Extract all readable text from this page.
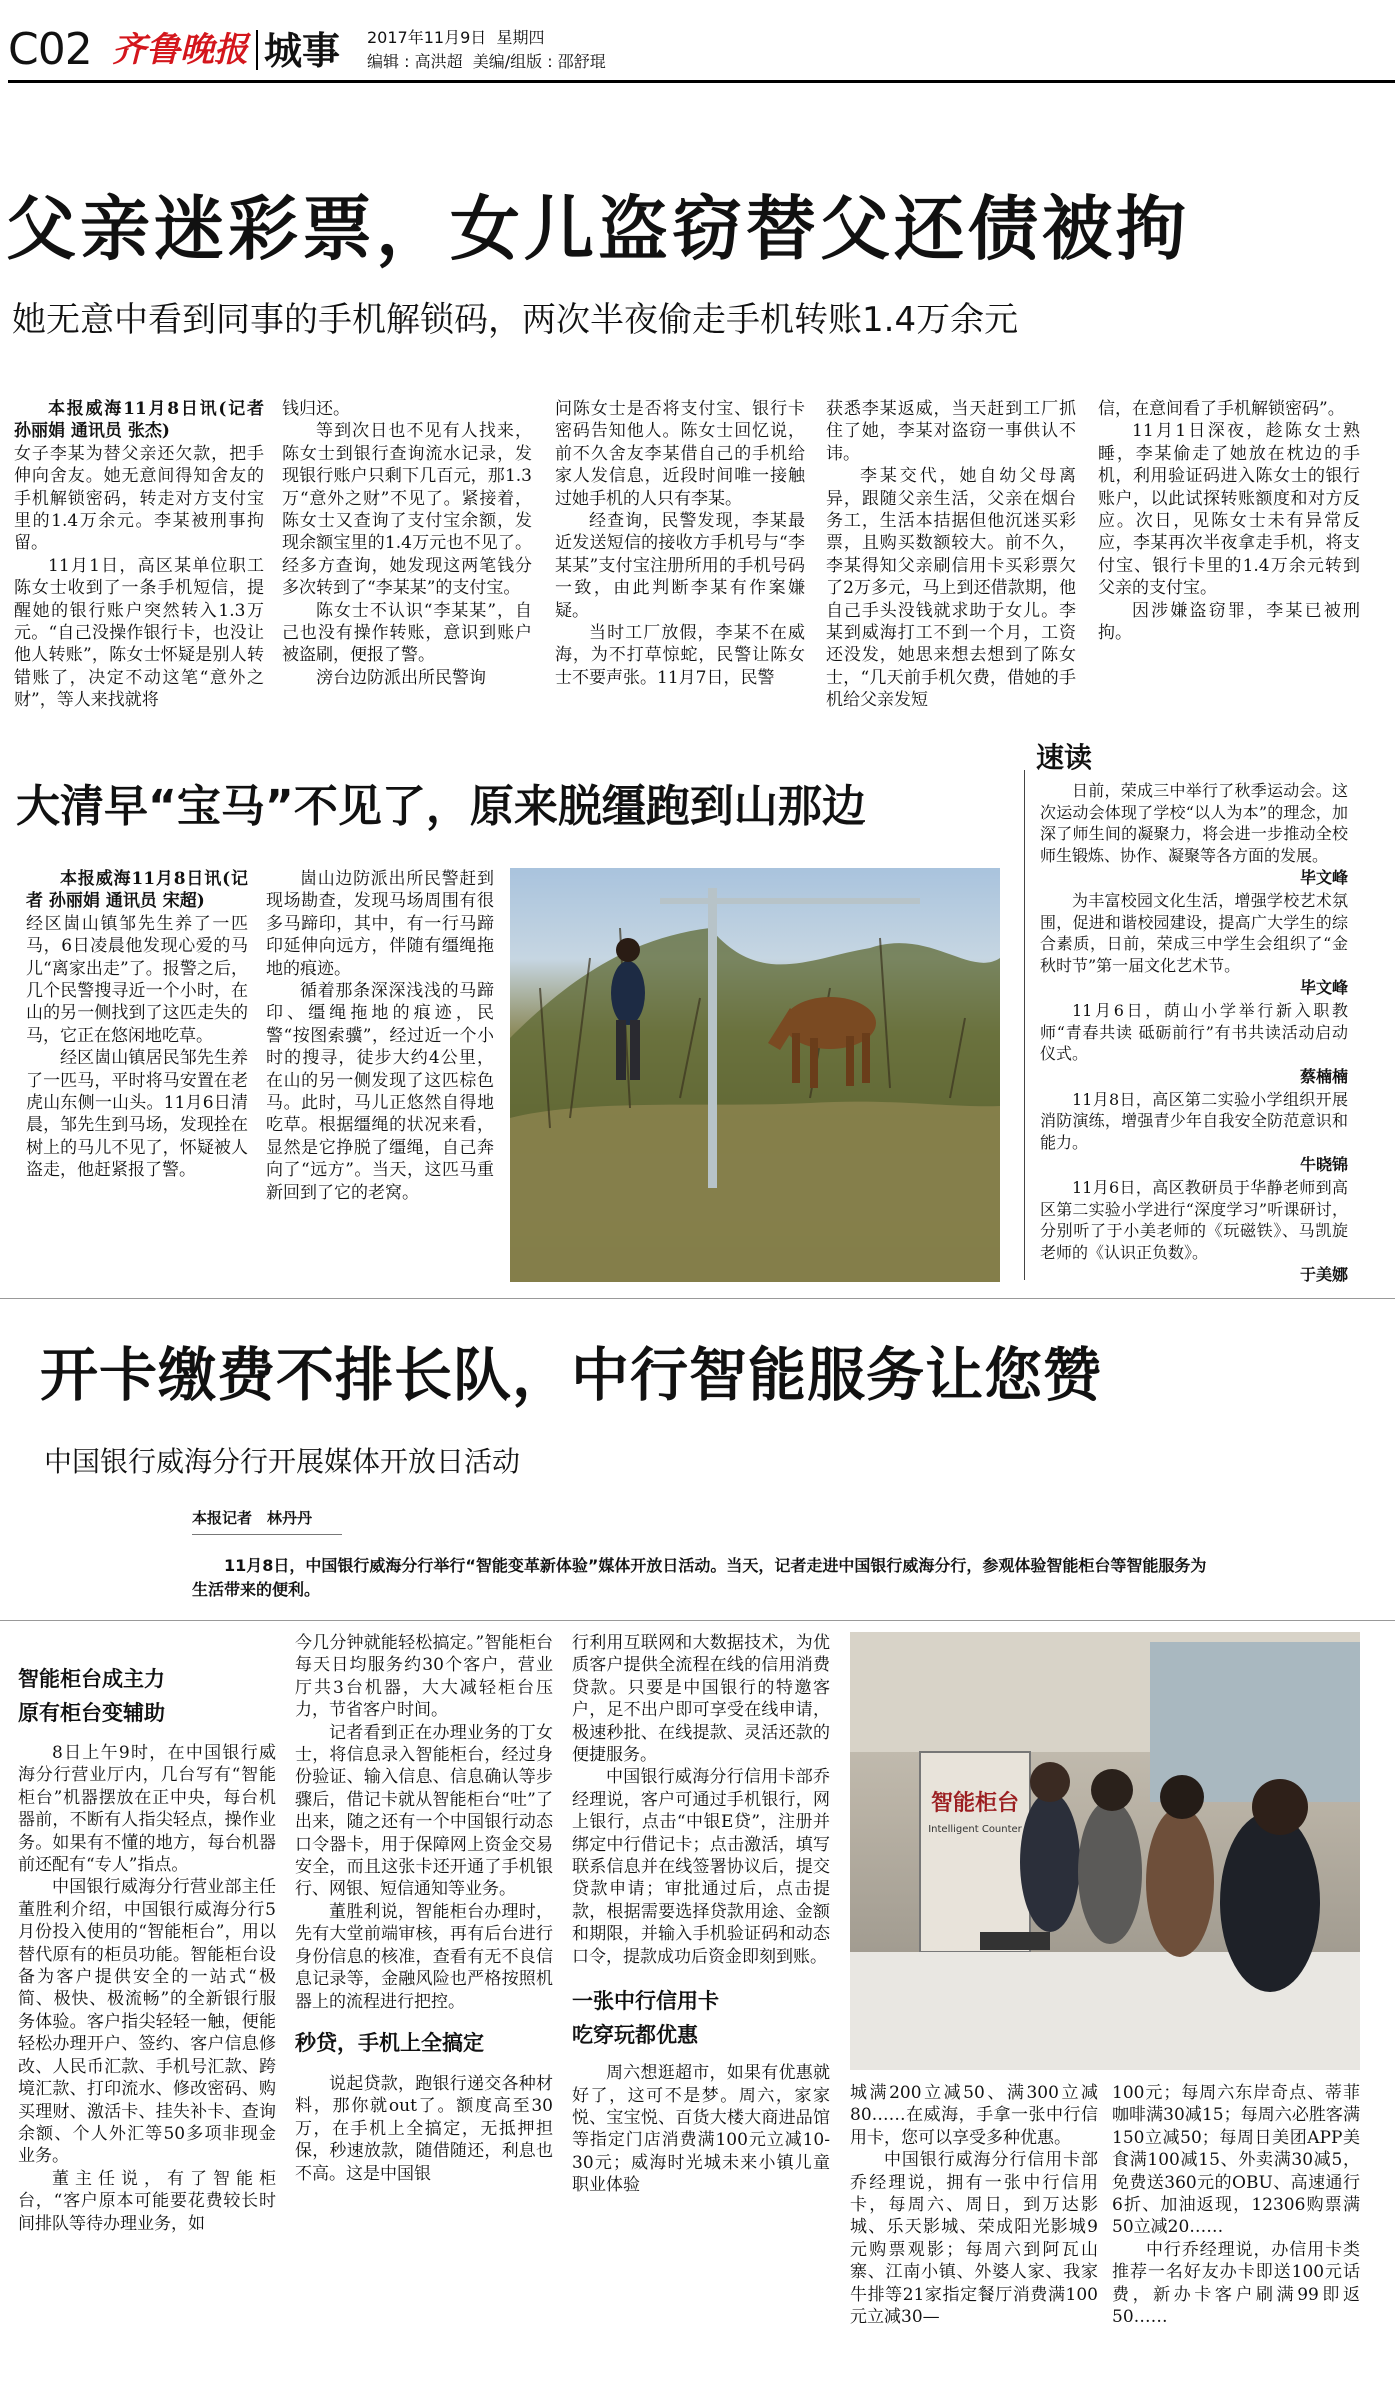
C02 齐鲁晚报 城事 2017年11月9日 星期四
编辑 : 高洪超 美编/组版 : 邵舒琨
父亲迷彩票，女儿盗窃替父还债被拘
她无意中看到同事的手机解锁码，两次半夜偷走手机转账1.4万余元

本报威海11月8日讯(记者 孙丽娟 通讯员 张杰)

女子李某为替父亲还欠款，把手伸向舍友。她无意间得知舍友的手机解锁密码，转走对方支付宝里的1.4万余元。李某被刑事拘留。

11月1日，高区某单位职工陈女士收到了一条手机短信，提醒她的银行账户突然转入1.3万元。“自己没操作银行卡，也没让他人转账”，陈女士怀疑是别人转错账了，决定不动这笔“意外之财”，等人来找就将

钱归还。

等到次日也不见有人找来，陈女士到银行查询流水记录，发现银行账户只剩下几百元，那1.3万“意外之财”不见了。紧接着，陈女士又查询了支付宝余额，发现余额宝里的1.4万元也不见了。经多方查询，她发现这两笔钱分多次转到了“李某某”的支付宝。

陈女士不认识“李某某”，自己也没有操作转账，意识到账户被盗刷，便报了警。

滂台边防派出所民警询

问陈女士是否将支付宝、银行卡密码告知他人。陈女士回忆说，前不久舍友李某借自己的手机给家人发信息，近段时间唯一接触过她手机的人只有李某。

经查询，民警发现，李某最近发送短信的接收方手机号与“李某某”支付宝注册所用的手机号码一致，由此判断李某有作案嫌疑。

当时工厂放假，李某不在威海，为不打草惊蛇，民警让陈女士不要声张。11月7日，民警

获悉李某返威，当天赶到工厂抓住了她，李某对盗窃一事供认不讳。

李某交代，她自幼父母离异，跟随父亲生活，父亲在烟台务工，生活本拮据但他沉迷买彩票，且购买数额较大。前不久，李某得知父亲刷信用卡买彩票欠了2万多元，马上到还借款期，他自己手头没钱就求助于女儿。李某到威海打工不到一个月，工资还没发，她思来想去想到了陈女士，“几天前手机欠费，借她的手机给父亲发短

信，在意间看了手机解锁密码”。

11月1日深夜，趁陈女士熟睡，李某偷走了她放在枕边的手机，利用验证码进入陈女士的银行账户，以此试探转账额度和对方反应。次日，见陈女士未有异常反应，李某再次半夜拿走手机，将支付宝、银行卡里的1.4万余元转到父亲的支付宝。

因涉嫌盗窃罪，李某已被刑拘。

大清早“宝马”不见了，原来脱缰跑到山那边

本报威海11月8日讯(记者 孙丽娟 通讯员 宋超)

经区崮山镇邹先生养了一匹马，6日凌晨他发现心爱的马儿“离家出走”了。报警之后，几个民警搜寻近一个小时，在山的另一侧找到了这匹走失的马，它正在悠闲地吃草。

经区崮山镇居民邹先生养了一匹马，平时将马安置在老虎山东侧一山头。11月6日清晨，邹先生到马场，发现拴在树上的马儿不见了，怀疑被人盗走，他赶紧报了警。

崮山边防派出所民警赶到现场勘查，发现马场周围有很多马蹄印，其中，有一行马蹄印延伸向远方，伴随有缰绳拖地的痕迹。

循着那条深深浅浅的马蹄印、缰绳拖地的痕迹，民警“按图索骥”，经过近一个小时的搜寻，徒步大约4公里，在山的另一侧发现了这匹棕色马。此时，马儿正悠然自得地吃草。根据缰绳的状况来看，显然是它挣脱了缰绳，自己奔向了“远方”。当天，这匹马重新回到了它的老窝。

速读

日前，荣成三中举行了秋季运动会。这次运动会体现了学校“以人为本”的理念，加深了师生间的凝聚力，将会进一步推动全校师生锻炼、协作、凝聚等各方面的发展。

毕文峰

为丰富校园文化生活，增强学校艺术氛围，促进和谐校园建设，提高广大学生的综合素质，日前，荣成三中学生会组织了“金秋时节”第一届文化艺术节。

毕文峰

11月6日，荫山小学举行新入职教师“青春共读 砥砺前行”有书共读活动启动仪式。

蔡楠楠

11月8日，高区第二实验小学组织开展消防演练，增强青少年自我安全防范意识和能力。

牛晓锦

11月6日，高区教研员于华静老师到高区第二实验小学进行“深度学习”听课研讨，分别听了于小美老师的《玩磁铁》、马凯旋老师的《认识正负数》。

于美娜
开卡缴费不排长队，中行智能服务让您赞
中国银行威海分行开展媒体开放日活动
本报记者　林丹丹
11月8日，中国银行威海分行举行“智能变革新体验”媒体开放日活动。当天，记者走进中国银行威海分行，参观体验智能柜台等智能服务为生活带来的便利。
智能柜台成主力
原有柜台变辅助

8日上午9时，在中国银行威海分行营业厅内，几台写有“智能柜台”机器摆放在正中央，每台机器前，不断有人指尖轻点，操作业务。如果有不懂的地方，每台机器前还配有“专人”指点。

中国银行威海分行营业部主任董胜利介绍，中国银行威海分行5月份投入使用的“智能柜台”，用以替代原有的柜员功能。智能柜台设备为客户提供安全的一站式“极简、极快、极流畅”的全新银行服务体验。客户指尖轻轻一触，便能轻松办理开户、签约、客户信息修改、人民币汇款、手机号汇款、跨境汇款、打印流水、修改密码、购买理财、激活卡、挂失补卡、查询余额、个人外汇等50多项非现金业务。

董主任说，有了智能柜台，“客户原本可能要花费较长时间排队等待办理业务，如

今几分钟就能轻松搞定。”智能柜台每天日均服务约30个客户，营业厅共3台机器，大大减轻柜台压力，节省客户时间。

记者看到正在办理业务的丁女士，将信息录入智能柜台，经过身份验证、输入信息、信息确认等步骤后，借记卡就从智能柜台“吐”了出来，随之还有一个中国银行动态口令器卡，用于保障网上资金交易安全，而且这张卡还开通了手机银行、网银、短信通知等业务。

董胜利说，智能柜台办理时，先有大堂前端审核，再有后台进行身份信息的核准，查看有无不良信息记录等，金融风险也严格按照机器上的流程进行把控。

秒贷，手机上全搞定

说起贷款，跑银行递交各种材料，那你就out了。额度高至30万，在手机上全搞定，无抵押担保，秒速放款，随借随还，利息也不高。这是中国银

行利用互联网和大数据技术，为优质客户提供全流程在线的信用消费贷款。只要是中国银行的特邀客户，足不出户即可享受在线申请，极速秒批、在线提款、灵活还款的便捷服务。

中国银行威海分行信用卡部乔经理说，客户可通过手机银行，网上银行，点击“中银E贷”，注册并绑定中行借记卡；点击激活，填写联系信息并在线签署协议后，提交贷款申请；审批通过后，点击提款，根据需要选择贷款用途、金额和期限，并输入手机验证码和动态口令，提款成功后资金即刻到账。

一张中行信用卡
吃穿玩都优惠

周六想逛超市，如果有优惠就好了，这可不是梦。周六，家家悦、宝宝悦、百货大楼大商进品馆等指定门店消费满100元立减10-30元；威海时光城未来小镇儿童职业体验

智能柜台
Intelligent Counter

城满200立减50、满300立减80……在威海，手拿一张中行信用卡，您可以享受多种优惠。

中国银行威海分行信用卡部乔经理说，拥有一张中行信用卡，每周六、周日，到万达影城、乐天影城、荣成阳光影城9元购票观影；每周六到阿瓦山寨、江南小镇、外婆人家、我家牛排等21家指定餐厅消费满100元立减30—

100元；每周六东岸奇点、蒂菲咖啡满30减15；每周六必胜客满150立减50；每周日美团APP美食满100减15、外卖满30减5，免费送360元的OBU、高速通行6折、加油返现，12306购票满50立减20……

中行乔经理说，办信用卡类推荐一名好友办卡即送100元话费，新办卡客户刷满99即返50……
